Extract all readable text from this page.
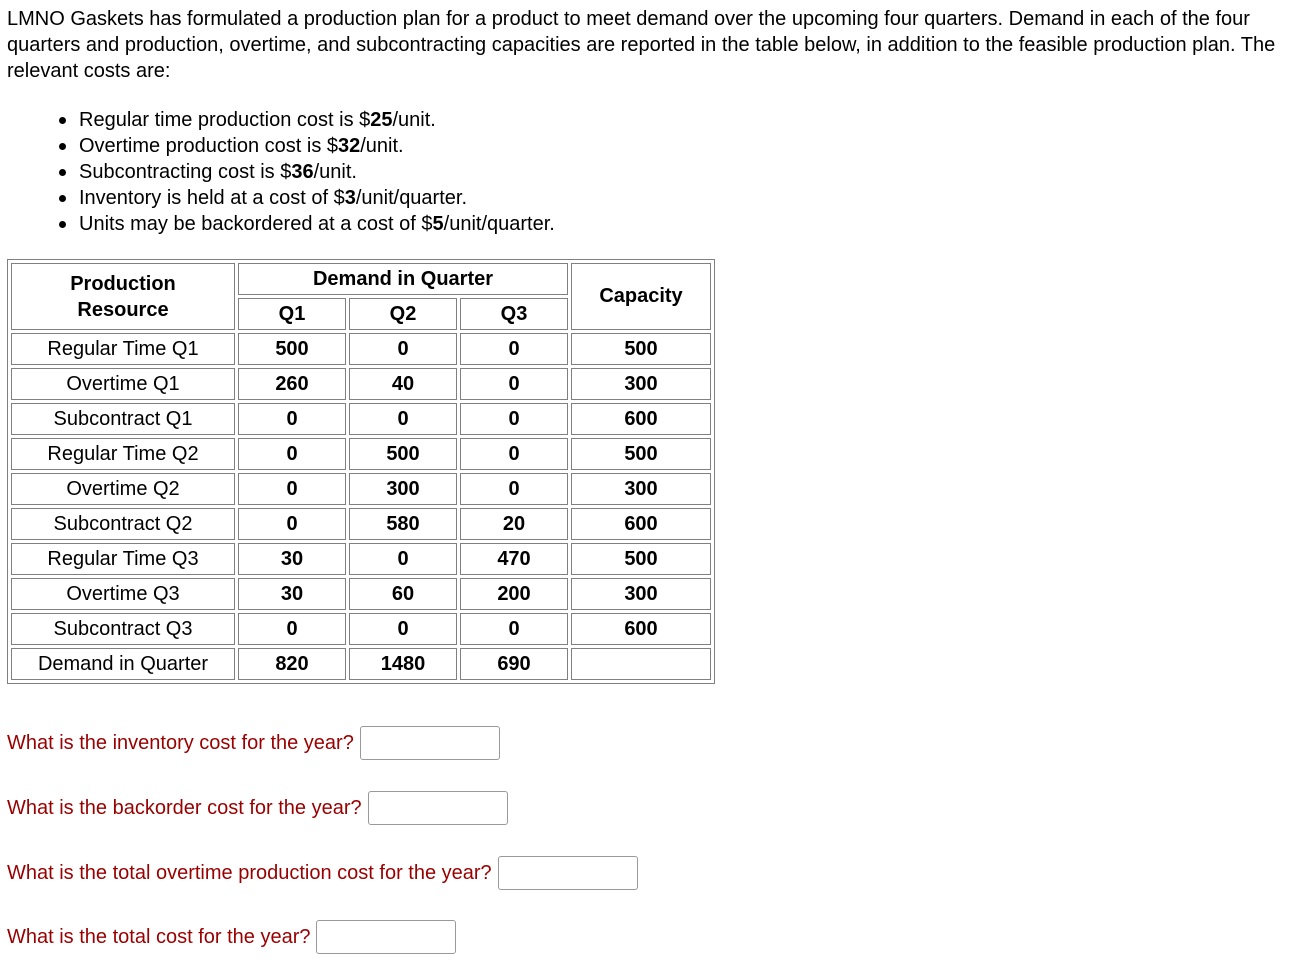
LMNO Gaskets has formulated a production plan for a product to meet demand over the upcoming four quarters. Demand in each of the four quarters and production, overtime, and subcontracting capacities are reported in the table below, in addition to the feasible production plan. The relevant costs are:

Regular time production cost is $25/unit.
Overtime production cost is $32/unit.
Subcontracting cost is $36/unit.
Inventory is held at a cost of $3/unit/quarter.
Units may be backordered at a cost of $5/unit/quarter.
Production
Resource	Demand in Quarter			Capacity
	Q1	Q2	Q3	
Regular Time Q1	500	0	0	500
Overtime Q1	260	40	0	300
Subcontract Q1	0	0	0	600
Regular Time Q2	0	500	0	500
Overtime Q2	0	300	0	300
Subcontract Q2	0	580	20	600
Regular Time Q3	30	0	470	500
Overtime Q3	30	60	200	300
Subcontract Q3	0	0	0	600
Demand in Quarter	820	1480	690	
What is the inventory cost for the year?
What is the backorder cost for the year?
What is the total overtime production cost for the year?
What is the total cost for the year?
